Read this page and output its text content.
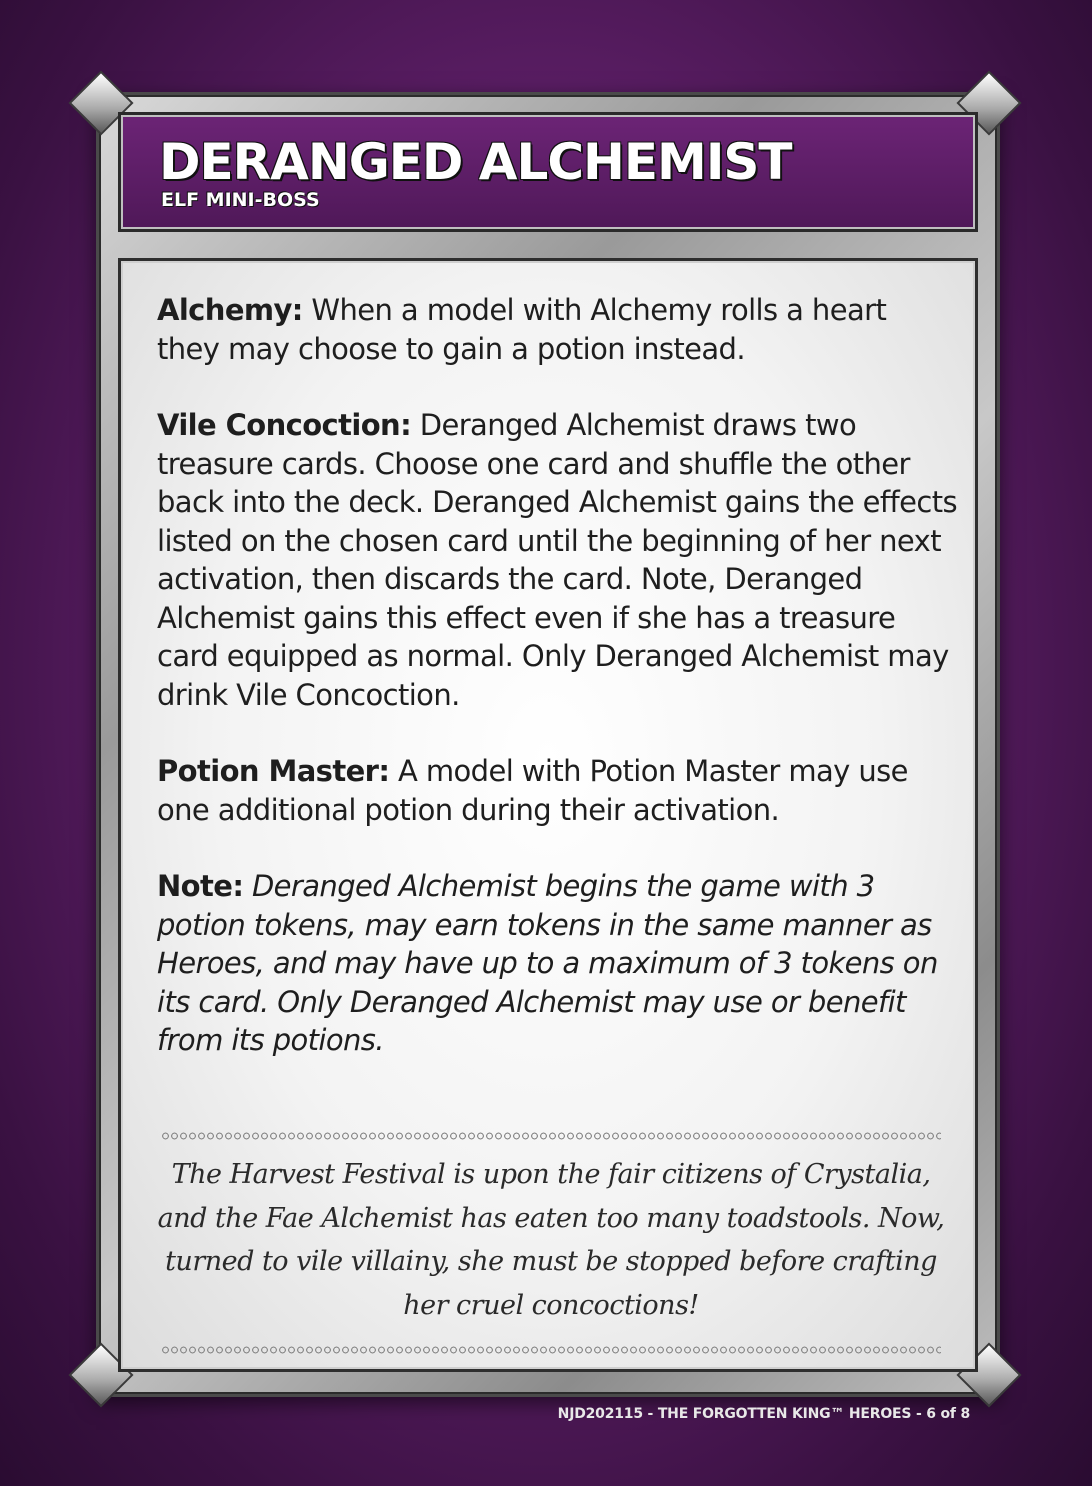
DERANGED ALCHEMIST
ELF MINI-BOSS

Alchemy: When a model with Alchemy rolls a heart they may choose to gain a potion instead.

Vile Concoction: Deranged Alchemist draws two treasure cards. Choose one card and shuffle the other back into the deck. Deranged Alchemist gains the effects listed on the chosen card until the beginning of her next activation, then discards the card. Note, Deranged Alchemist gains this effect even if she has a treasure card equipped as normal. Only Deranged Alchemist may drink Vile Concoction.

Potion Master: A model with Potion Master may use one additional potion during their activation.

Note: Deranged Alchemist begins the game with 3 potion tokens, may earn tokens in the same manner as Heroes, and may have up to a maximum of 3 tokens on its card. Only Deranged Alchemist may use or benefit from its potions.

The Harvest Festival is upon the fair citizens of Crystalia, and the Fae Alchemist has eaten too many toadstools. Now, turned to vile villainy, she must be stopped before crafting her cruel concoctions!
NJD202115 - THE FORGOTTEN KING™ HEROES - 6 of 8
